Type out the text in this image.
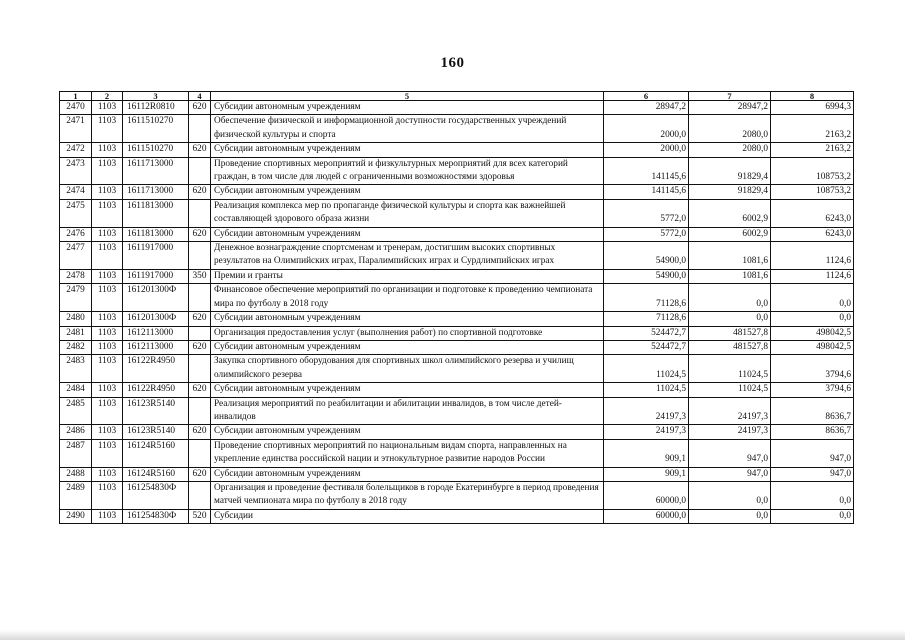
160
1	2	3	4	5	6	7	8
2470	1103	16112R0810	620	Субсидии автономным учреждениям	28947,2	28947,2	6994,3
2471	1103	1611510270		Обеспечение физической и информационной доступности государственных учреждений физической культуры и спорта	2000,0	2080,0	2163,2
2472	1103	1611510270	620	Субсидии автономным учреждениям	2000,0	2080,0	2163,2
2473	1103	1611713000		Проведение спортивных мероприятий и физкультурных мероприятий для всех категорий граждан, в том числе для людей с ограниченными возможностями здоровья	141145,6	91829,4	108753,2
2474	1103	1611713000	620	Субсидии автономным учреждениям	141145,6	91829,4	108753,2
2475	1103	1611813000		Реализация комплекса мер по пропаганде физической культуры и спорта как важнейшей составляющей здорового образа жизни	5772,0	6002,9	6243,0
2476	1103	1611813000	620	Субсидии автономным учреждениям	5772,0	6002,9	6243,0
2477	1103	1611917000		Денежное вознаграждение спортсменам и тренерам, достигшим высоких спортивных результатов на Олимпийских играх, Паралимпийских играх и Сурдлимпийских играх	54900,0	1081,6	1124,6
2478	1103	1611917000	350	Премии и гранты	54900,0	1081,6	1124,6
2479	1103	161201300Ф		Финансовое обеспечение мероприятий по организации и подготовке к проведению чемпионата мира по футболу в 2018 году	71128,6	0,0	0,0
2480	1103	161201300Ф	620	Субсидии автономным учреждениям	71128,6	0,0	0,0
2481	1103	1612113000		Организация предоставления услуг (выполнения работ) по спортивной подготовке	524472,7	481527,8	498042,5
2482	1103	1612113000	620	Субсидии автономным учреждениям	524472,7	481527,8	498042,5
2483	1103	16122R4950		Закупка спортивного оборудования для спортивных школ олимпийского резерва и училищ олимпийского резерва	11024,5	11024,5	3794,6
2484	1103	16122R4950	620	Субсидии автономным учреждениям	11024,5	11024,5	3794,6
2485	1103	16123R5140		Реализация мероприятий по реабилитации и абилитации инвалидов, в том числе детей-инвалидов	24197,3	24197,3	8636,7
2486	1103	16123R5140	620	Субсидии автономным учреждениям	24197,3	24197,3	8636,7
2487	1103	16124R5160		Проведение спортивных мероприятий по национальным видам спорта, направленных на укрепление единства российской нации и этнокультурное развитие народов России	909,1	947,0	947,0
2488	1103	16124R5160	620	Субсидии автономным учреждениям	909,1	947,0	947,0
2489	1103	161254830Ф		Организация и проведение фестиваля болельщиков в городе Екатеринбурге в период проведения матчей чемпионата мира по футболу в 2018 году	60000,0	0,0	0,0
2490	1103	161254830Ф	520	Субсидии	60000,0	0,0	0,0
